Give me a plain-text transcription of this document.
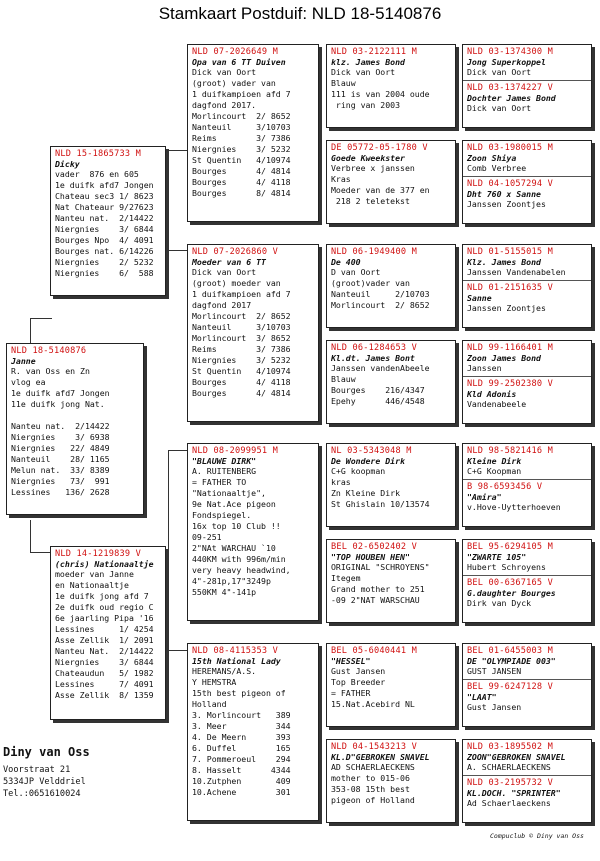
Stamkaart Postduif: NLD 18-5140876
NLD 18-5140876
Janne
R. van Oss en Zn
vlog ea
1e duifk afd7 Jongen
11e duifk jong Nat.

Nanteu nat.  2/14422
Niergnies    3/ 6938
Niergnies   22/ 4849
Nanteuil    28/ 1165
Melun nat.  33/ 8389
Niergnies   73/  991
Lessines   136/ 2628
NLD 15-1865733 M
Dicky
vader  876 en 605
1e duifk afd7 Jongen
Chateau sec3 1/ 8623
Nat Chateaur 9/27623
Nanteu nat.  2/14422
Niergnies    3/ 6844
Bourges Npo  4/ 4091
Bourges nat. 6/14226
Niergnies    2/ 5232
Niergnies    6/  588
NLD 14-1219839 V
(chris) Nationaaltje
moeder van Janne
en Nationaaltje
1e duifk jong afd 7
2e duifk oud regio C
6e jaarling Pipa '16
Lessines     1/ 4254
Asse Zellik  1/ 2091
Nanteu Nat.  2/14422
Niergnies    3/ 6844
Chateaudun   5/ 1982
Lessines     7/ 4091
Asse Zellik  8/ 1359
NLD 07-2026649 M
Opa van 6 TT Duiven
Dick van Oort
(groot) vader van
1 duifkampioen afd 7
dagfond 2017.
Morlincourt  2/ 8652
Nanteuil     3/10703
Reims        3/ 7386
Niergnies    3/ 5232
St Quentin   4/10974
Bourges      4/ 4814
Bourges      4/ 4118
Bourges      8/ 4814
NLD 07-2026860 V
Moeder van 6 TT
Dick van Oort
(groot) moeder van
1 duifkampioen afd 7
dagfond 2017
Morlincourt  2/ 8652
Nanteuil     3/10703
Morlincourt  3/ 8652
Reims        3/ 7386
Niergnies    3/ 5232
St Quentin   4/10974
Bourges      4/ 4118
Bourges      4/ 4814
NLD 08-2099951 M
"BLAUWE DIRK"
A. RUITENBERG
= FATHER TO
"Nationaaltje",
9e Nat.Ace pigeon
Fondspiegel.
16x top 10 Club !!
09-251
2"NAt WARCHAU `10
440KM with 996m/min
very heavy headwind,
4"-281p,17"3249p
550KM 4"-141p
NLD 08-4115353 V
15th National Lady
HEREMANS/A.S.
Y HEMSTRA
15th best pigeon of
Holland
3. Morlincourt   389
3. Meer          344
4. De Meern      393
6. Duffel        165
7. Pommeroeul    294
8. Hasselt      4344
10.Zutphen       409
10.Achene        301
NLD 03-2122111 M
klz. James Bond
Dick van Oort
Blauw
111 is van 2004 oude
ring van 2003
DE 05772-05-1780 V
Goede Kweekster
Verbree x janssen
Kras
Moeder van de 377 en
218 2 teletekst
NLD 06-1949400 M
De 400
D van Oort
(groot)vader van
Nanteuil     2/10703
Morlincourt  2/ 8652
NLD 06-1284653 V
Kl.dt. James Bont
Janssen vandenAbeele
Blauw
Bourges    216/4347
Epehy      446/4548
NL 03-5343048 M
De Wondere Dirk
C+G koopman
kras
Zn Kleine Dirk
St Ghislain 10/13574
BEL 02-6502402 V
"TOP HOUBEN HEN"
ORIGINAL "SCHROYENS"
Itegem
Grand mother to 251
-09 2"NAT WARSCHAU
BEL 05-6040441 M
"HESSEL"
Gust Jansen
Top Breeder
= FATHER
15.Nat.Acebird NL
NLD 04-1543213 V
KL.D"GEBROKEN SNAVEL
AD SCHAERLAECKENS
mother to 015-06
353-08 15th best
pigeon of Holland
NLD 03-1374300 M
Jong Superkoppel
Dick van Oort
NLD 03-1374227 V
Dochter James Bond
Dick van Oort
NLD 03-1980015 M
Zoon Shiya
Comb Verbree
NLD 04-1057294 V
Dht 760 x Sanne
Janssen Zoontjes
NLD 01-5155015 M
Klz. James Bond
Janssen Vandenabelen
NLD 01-2151635 V
Sanne
Janssen Zoontjes
NLD 99-1166401 M
Zoon James Bond
Janssen
NLD 99-2502380 V
Kld Adonis
Vandenabeele
NLD 98-5821416 M
Kleine Dirk
C+G Koopman
B 98-6593456 V
"Amira"
v.Hove-Uytterhoeven
BEL 95-6294105 M
"ZWARTE 105"
Hubert Schroyens
BEL 00-6367165 V
G.daughter Bourges
Dirk van Dyck
BEL 01-6455003 M
DE "OLYMPIADE 003"
GUST JANSEN
BEL 99-6247128 V
"LAAT"
Gust Jansen
NLD 03-1895502 M
ZOON"GEBROKEN SNAVEL
A. SCHAERLAECKENS
NLD 03-2195732 V
KL.DOCH. "SPRINTER"
Ad Schaerlaeckens
Diny van Oss
Voorstraat 21
5334JP Velddriel
Tel.:0651610024
Compuclub © Diny van Oss
